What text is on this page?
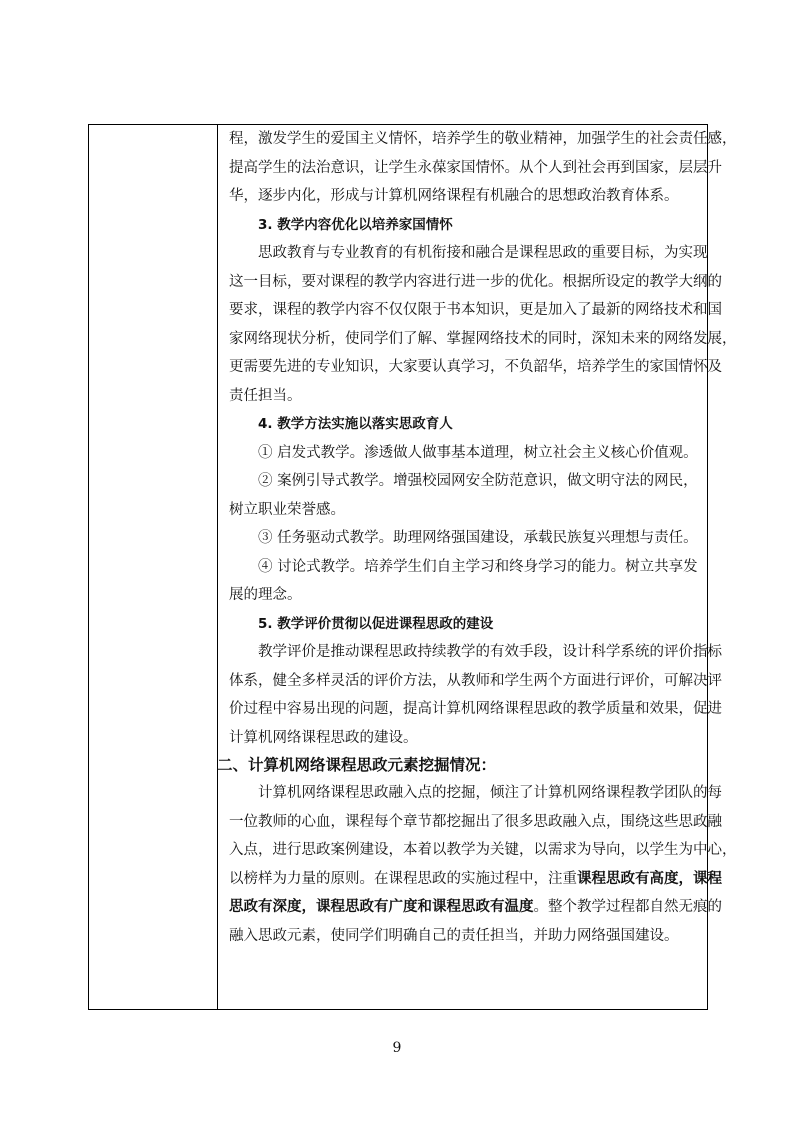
程，激发学生的爱国主义情怀，培养学生的敬业精神，加强学生的社会责任感，
提高学生的法治意识，让学生永葆家国情怀。从个人到社会再到国家，层层升
华，逐步内化，形成与计算机网络课程有机融合的思想政治教育体系。
3. 教学内容优化以培养家国情怀
思政教育与专业教育的有机衔接和融合是课程思政的重要目标，为实现
这一目标，要对课程的教学内容进行进一步的优化。根据所设定的教学大纲的
要求，课程的教学内容不仅仅限于书本知识，更是加入了最新的网络技术和国
家网络现状分析，使同学们了解、掌握网络技术的同时，深知未来的网络发展，
更需要先进的专业知识，大家要认真学习，不负韶华，培养学生的家国情怀及
责任担当。
4. 教学方法实施以落实思政育人
① 启发式教学。渗透做人做事基本道理，树立社会主义核心价值观。
② 案例引导式教学。增强校园网安全防范意识，做文明守法的网民，
树立职业荣誉感。
③ 任务驱动式教学。助理网络强国建设，承载民族复兴理想与责任。
④ 讨论式教学。培养学生们自主学习和终身学习的能力。树立共享发
展的理念。
5. 教学评价贯彻以促进课程思政的建设
教学评价是推动课程思政持续教学的有效手段，设计科学系统的评价指标
体系，健全多样灵活的评价方法，从教师和学生两个方面进行评价，可解决评
价过程中容易出现的问题，提高计算机网络课程思政的教学质量和效果，促进
计算机网络课程思政的建设。
二、计算机网络课程思政元素挖掘情况：
计算机网络课程思政融入点的挖掘，倾注了计算机网络课程教学团队的每
一位教师的心血，课程每个章节都挖掘出了很多思政融入点，围绕这些思政融
入点，进行思政案例建设，本着以教学为关键，以需求为导向，以学生为中心，
以榜样为力量的原则。在课程思政的实施过程中，注重课程思政有高度，课程
思政有深度，课程思政有广度和课程思政有温度。整个教学过程都自然无痕的
融入思政元素，使同学们明确自己的责任担当，并助力网络强国建设。
9
